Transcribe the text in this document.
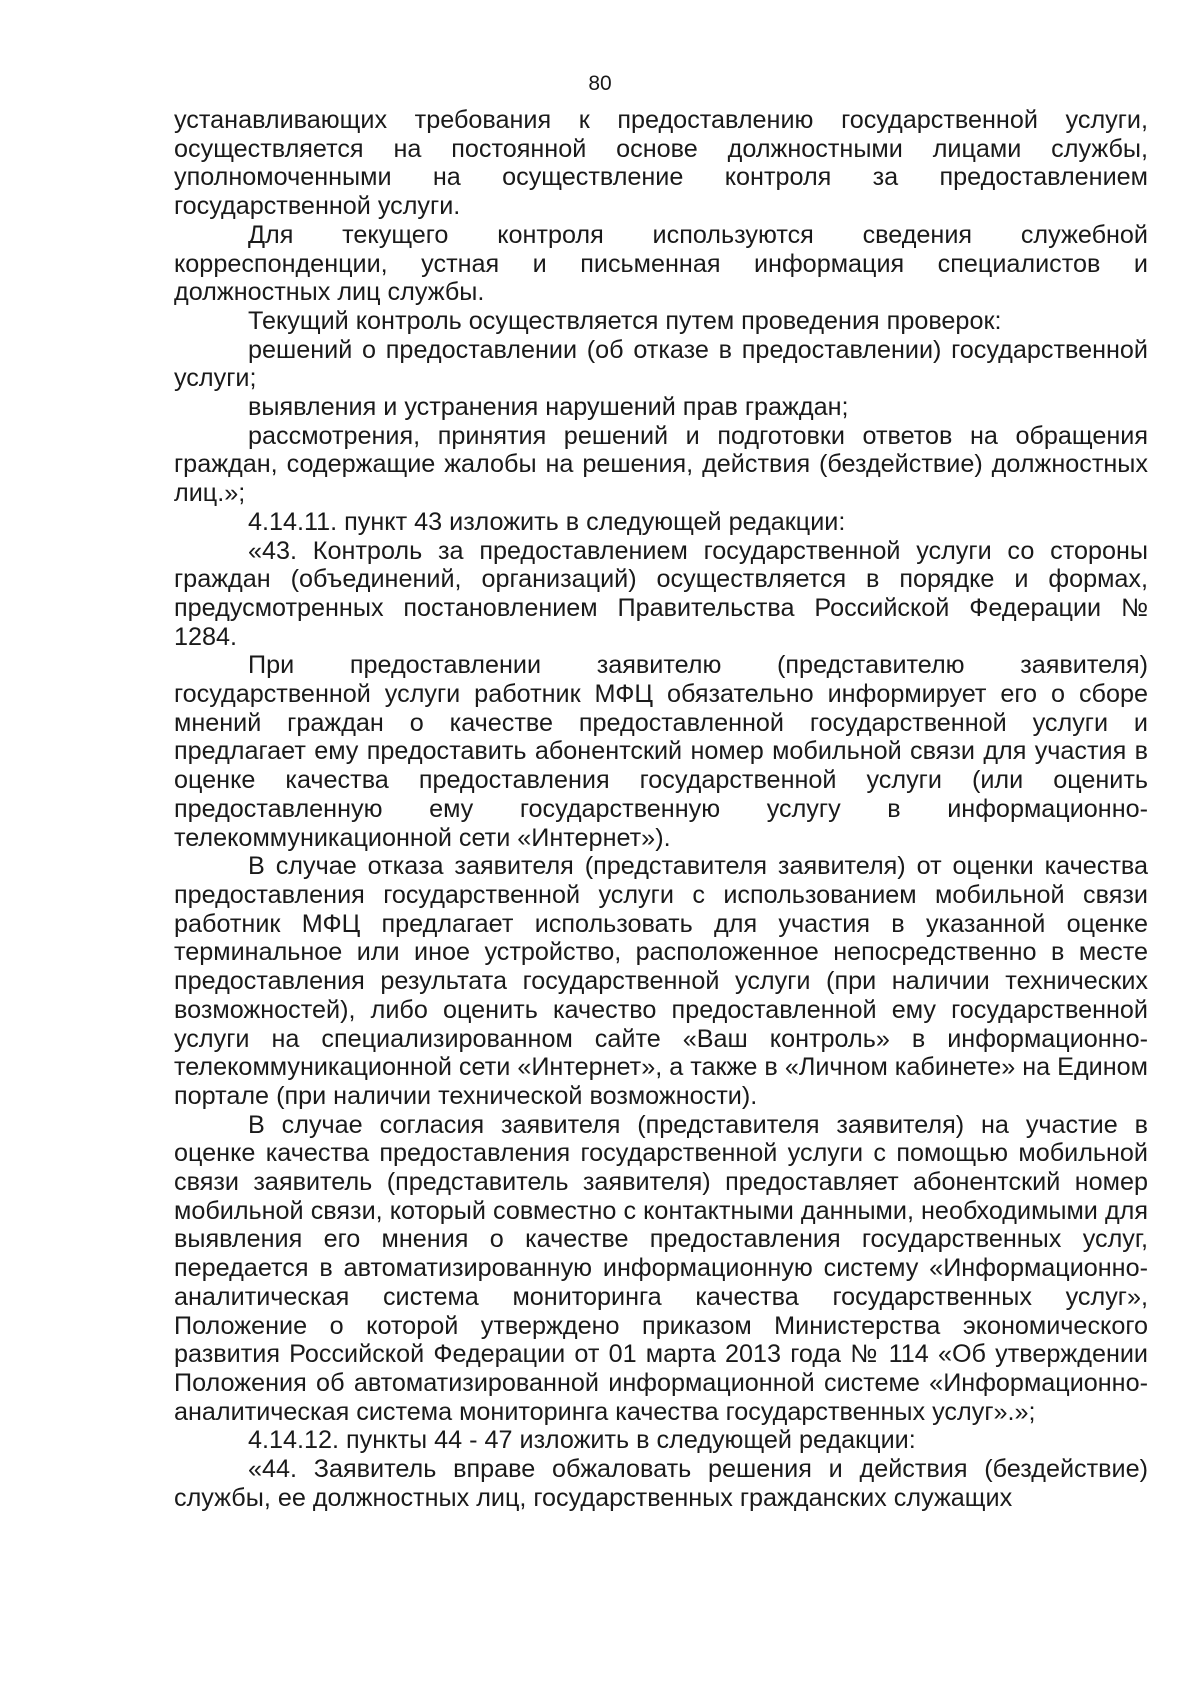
80

устанавливающих требования к предоставлению государственной услуги, осуществляется на постоянной основе должностными лицами службы, уполномоченными на осуществление контроля за предоставлением государственной услуги.

Для текущего контроля используются сведения служебной корреспонденции, устная и письменная информация специалистов и должностных лиц службы.

Текущий контроль осуществляется путем проведения проверок:

решений о предоставлении (об отказе в предоставлении) государственной услуги;

выявления и устранения нарушений прав граждан;

рассмотрения, принятия решений и подготовки ответов на обращения граждан, содержащие жалобы на решения, действия (бездействие) должностных лиц.»;

4.14.11. пункт 43 изложить в следующей редакции:

«43. Контроль за предоставлением государственной услуги со стороны граждан (объединений, организаций) осуществляется в порядке и формах, предусмотренных постановлением Правительства Российской Федерации № 1284.

При предоставлении заявителю (представителю заявителя) государственной услуги работник МФЦ обязательно информирует его о сборе мнений граждан о качестве предоставленной государственной услуги и предлагает ему предоставить абонентский номер мобильной связи для участия в оценке качества предоставления государственной услуги (или оценить предоставленную ему государственную услугу в информационно-телекоммуникационной сети «Интернет»).

В случае отказа заявителя (представителя заявителя) от оценки качества предоставления государственной услуги с использованием мобильной связи работник МФЦ предлагает использовать для участия в указанной оценке терминальное или иное устройство, расположенное непосредственно в месте предоставления результата государственной услуги (при наличии технических возможностей), либо оценить качество предоставленной ему государственной услуги на специализированном сайте «Ваш контроль» в информационно-телекоммуникационной сети «Интернет», а также в «Личном кабинете» на Едином портале (при наличии технической возможности).

В случае согласия заявителя (представителя заявителя) на участие в оценке качества предоставления государственной услуги с помощью мобильной связи заявитель (представитель заявителя) предоставляет абонентский номер мобильной связи, который совместно с контактными данными, необходимыми для выявления его мнения о качестве предоставления государственных услуг, передается в автоматизированную информационную систему «Информационно-аналитическая система мониторинга качества государственных услуг», Положение о которой утверждено приказом Министерства экономического развития Российской Федерации от 01 марта 2013 года № 114 «Об утверждении Положения об автоматизированной информационной системе «Информационно-аналитическая система мониторинга качества государственных услуг».»;

4.14.12. пункты 44 - 47 изложить в следующей редакции:

«44. Заявитель вправе обжаловать решения и действия (бездействие) службы, ее должностных лиц, государственных гражданских служащих
